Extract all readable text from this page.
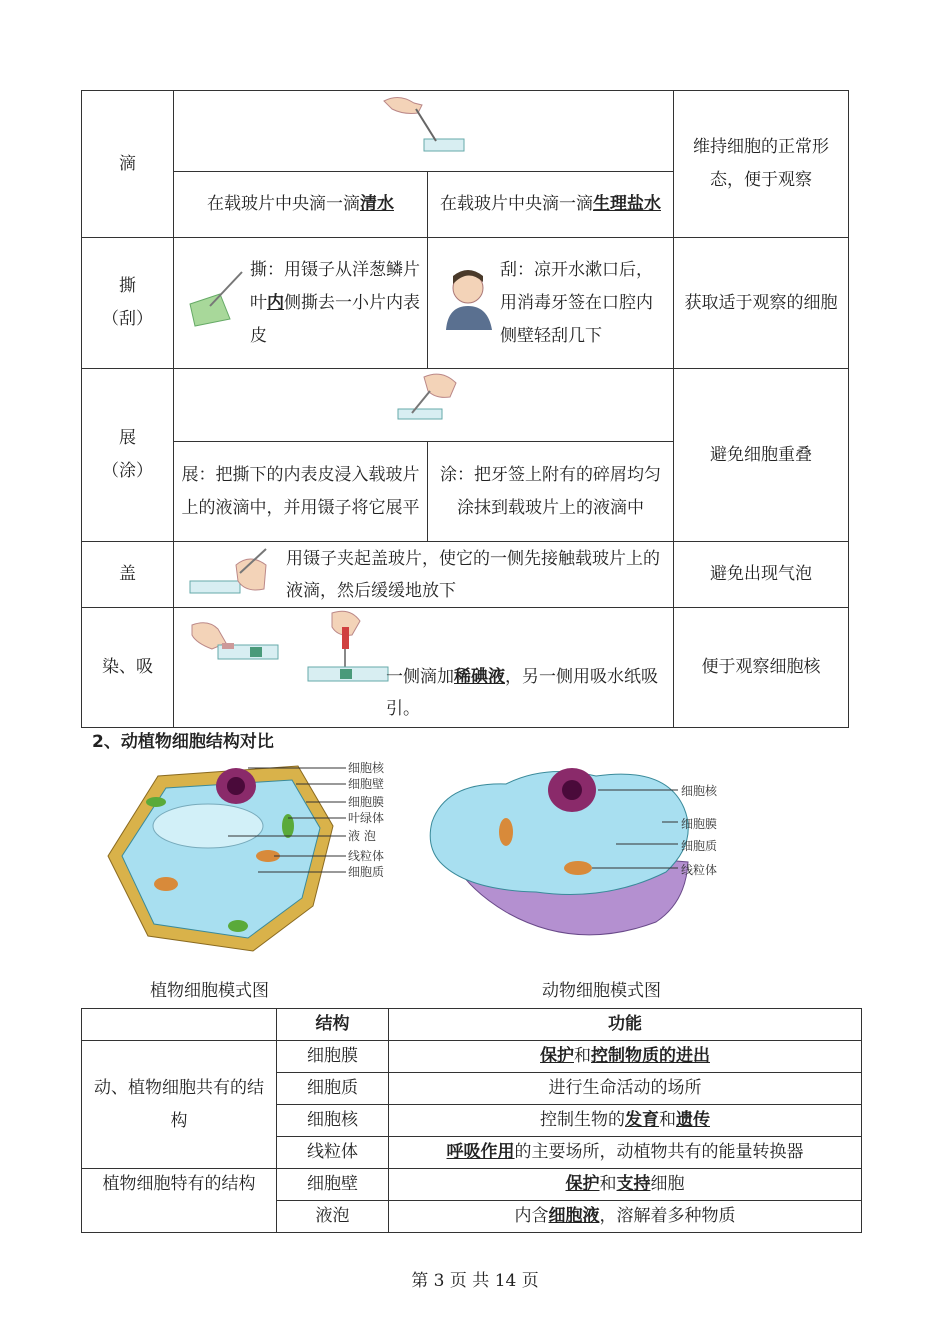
滴			维持细胞的正常形态，便于观察
	在载玻片中央滴一滴清水	在载玻片中央滴一滴生理盐水	

撕
（刮）	撕：用镊子从洋葱鳞片叶内侧撕去一小片内表皮	刮：凉开水漱口后，用消毒牙签在口腔内侧壁轻刮几下	获取适于观察的细胞

展
（涂）			避免细胞重叠
	展：把撕下的内表皮浸入载玻片上的液滴中，并用镊子将它展平	涂：把牙签上附有的碎屑均匀涂抹到载玻片上的液滴中	
盖	用镊子夹起盖玻片，使它的一侧先接触载玻片上的液滴，然后缓缓地放下		避免出现气泡
染、吸	一侧滴加稀碘液，另一侧用吸水纸吸引。		便于观察细胞核
2、动植物细胞结构对比
细胞核
细胞壁
细胞膜
叶绿体
液 泡
线粒体
细胞质
植物细胞模式图
细胞核
细胞膜
细胞质
线粒体
动物细胞模式图
	结构	功能
动、植物细胞共有的结构	细胞膜	保护和控制物质的进出
	细胞质	进行生命活动的场所
	细胞核	控制生物的发育和遗传
	线粒体	呼吸作用的主要场所，动植物共有的能量转换器
植物细胞特有的结构	细胞壁	保护和支持细胞
	液泡	内含细胞液，溶解着多种物质
第 3 页 共 14 页
